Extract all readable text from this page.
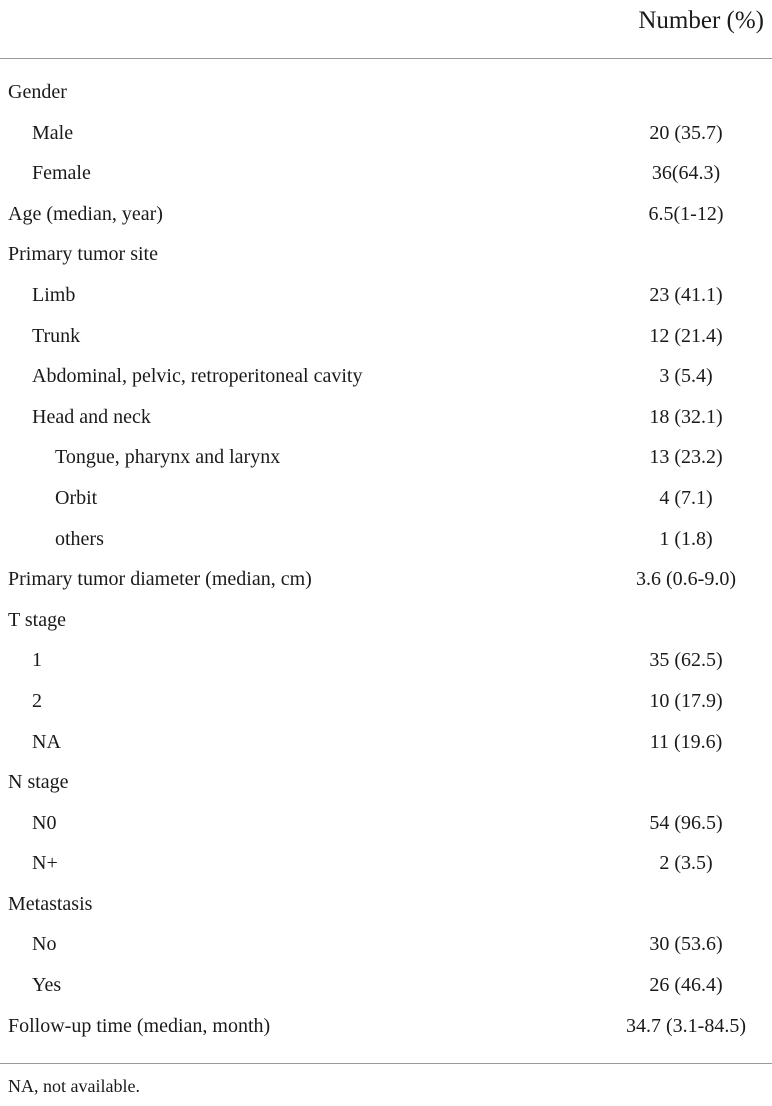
Number (%)
Gender
Male	20 (35.7)
Female	36(64.3)
Age (median, year)	6.5(1-12)
Primary tumor site
Limb	23 (41.1)
Trunk	12 (21.4)
Abdominal, pelvic, retroperitoneal cavity	3 (5.4)
Head and neck	18 (32.1)
Tongue, pharynx and larynx	13 (23.2)
Orbit	4 (7.1)
others	1 (1.8)
Primary tumor diameter (median, cm)	3.6 (0.6-9.0)
T stage
1	35 (62.5)
2	10 (17.9)
NA	11 (19.6)
N stage
N0	54 (96.5)
N+	2 (3.5)
Metastasis
No	30 (53.6)
Yes	26 (46.4)
Follow-up time (median, month)	34.7 (3.1-84.5)
NA, not available.
